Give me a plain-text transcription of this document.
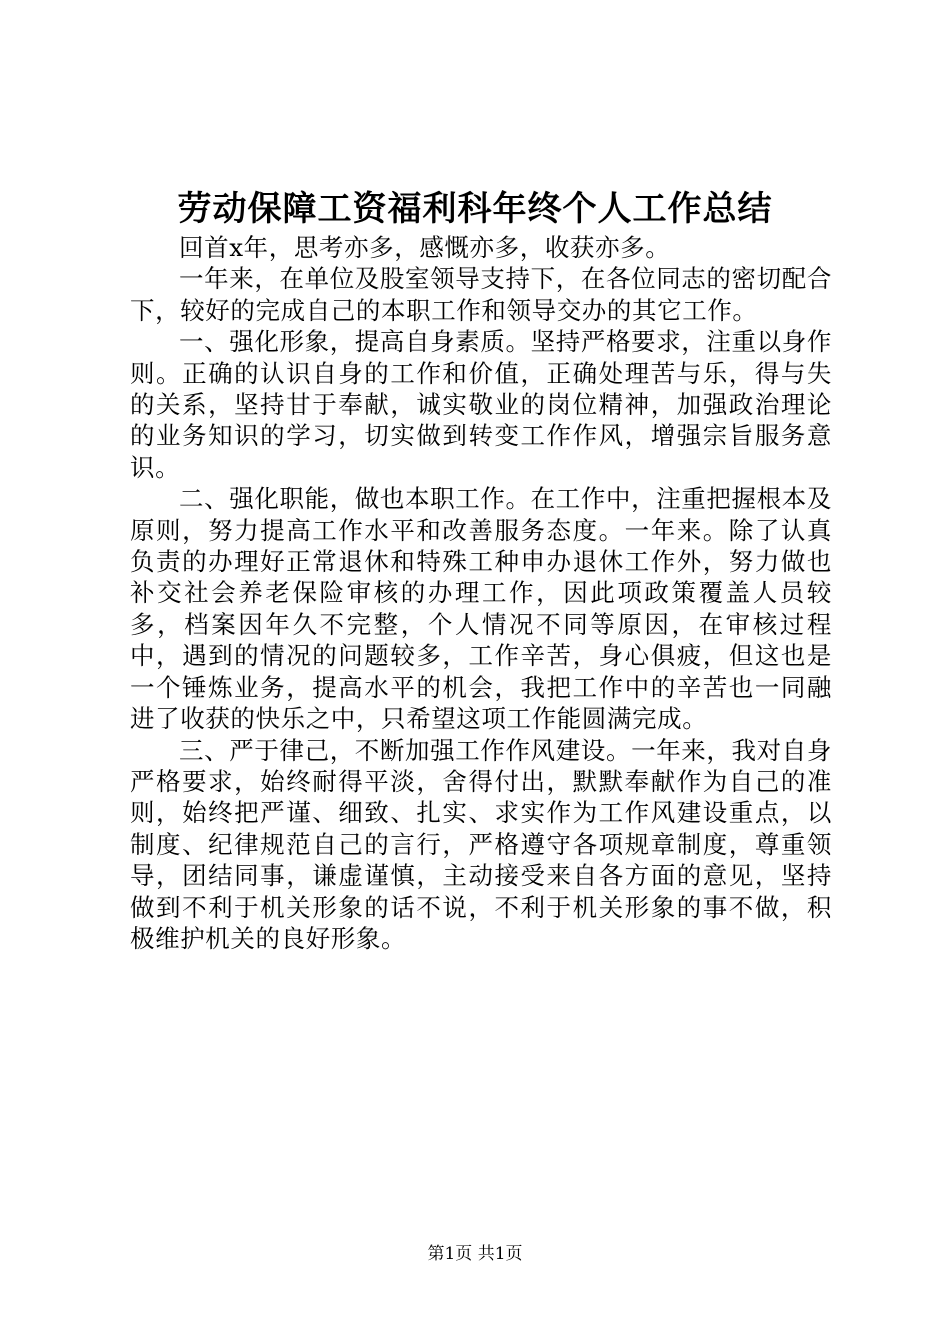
劳动保障工资福利科年终个人工作总结

回首x年，思考亦多，感慨亦多，收获亦多。

一年来，在单位及股室领导支持下，在各位同志的密切配合下，较好的完成自己的本职工作和领导交办的其它工作。

一、强化形象，提高自身素质。坚持严格要求，注重以身作则。正确的认识自身的工作和价值，正确处理苦与乐，得与失的关系，坚持甘于奉献，诚实敬业的岗位精神，加强政治理论的业务知识的学习，切实做到转变工作作风，增强宗旨服务意识。

二、强化职能，做也本职工作。在工作中，注重把握根本及原则，努力提高工作水平和改善服务态度。一年来。除了认真负责的办理好正常退休和特殊工种申办退休工作外，努力做也补交社会养老保险审核的办理工作，因此项政策覆盖人员较多，档案因年久不完整，个人情况不同等原因，在审核过程中，遇到的情况的问题较多，工作辛苦，身心俱疲，但这也是一个锤炼业务，提高水平的机会，我把工作中的辛苦也一同融进了收获的快乐之中，只希望这项工作能圆满完成。

三、严于律己，不断加强工作作风建设。一年来，我对自身严格要求，始终耐得平淡，舍得付出，默默奉献作为自己的准则，始终把严谨、细致、扎实、求实作为工作风建设重点，以制度、纪律规范自己的言行，严格遵守各项规章制度，尊重领导，团结同事，谦虚谨慎，主动接受来自各方面的意见，坚持做到不利于机关形象的话不说，不利于机关形象的事不做，积极维护机关的良好形象。

第1页 共1页
